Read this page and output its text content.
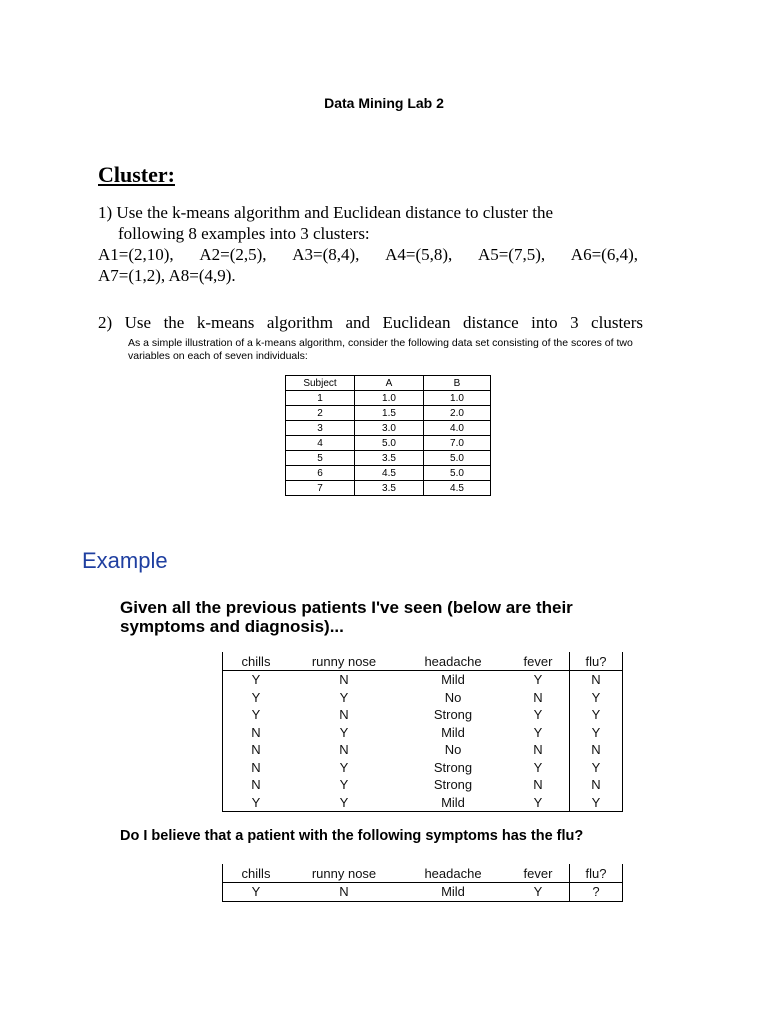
Data Mining Lab 2
Cluster:
1) Use the k-means algorithm and Euclidean distance to cluster the
following 8 examples into 3 clusters:
A1=(2,10), A2=(2,5), A3=(8,4), A4=(5,8), A5=(7,5), A6=(6,4),
A7=(1,2), A8=(4,9).
2) Use the k-means algorithm and Euclidean distance into 3 clusters
As a simple illustration of a k-means algorithm, consider the following data set consisting of the scores of two variables on each of seven individuals:
Subject	A	B
1	1.0	1.0
2	1.5	2.0
3	3.0	4.0
4	5.0	7.0
5	3.5	5.0
6	4.5	5.0
7	3.5	4.5
Example
Given all the previous patients I've seen (below are their symptoms and diagnosis)...
chills	runny nose	headache	fever	flu?
Y	N	Mild	Y	N
Y	Y	No	N	Y
Y	N	Strong	Y	Y
N	Y	Mild	Y	Y
N	N	No	N	N
N	Y	Strong	Y	Y
N	Y	Strong	N	N
Y	Y	Mild	Y	Y
Do I believe that a patient with the following symptoms has the flu?
chills	runny nose	headache	fever	flu?
Y	N	Mild	Y	?
